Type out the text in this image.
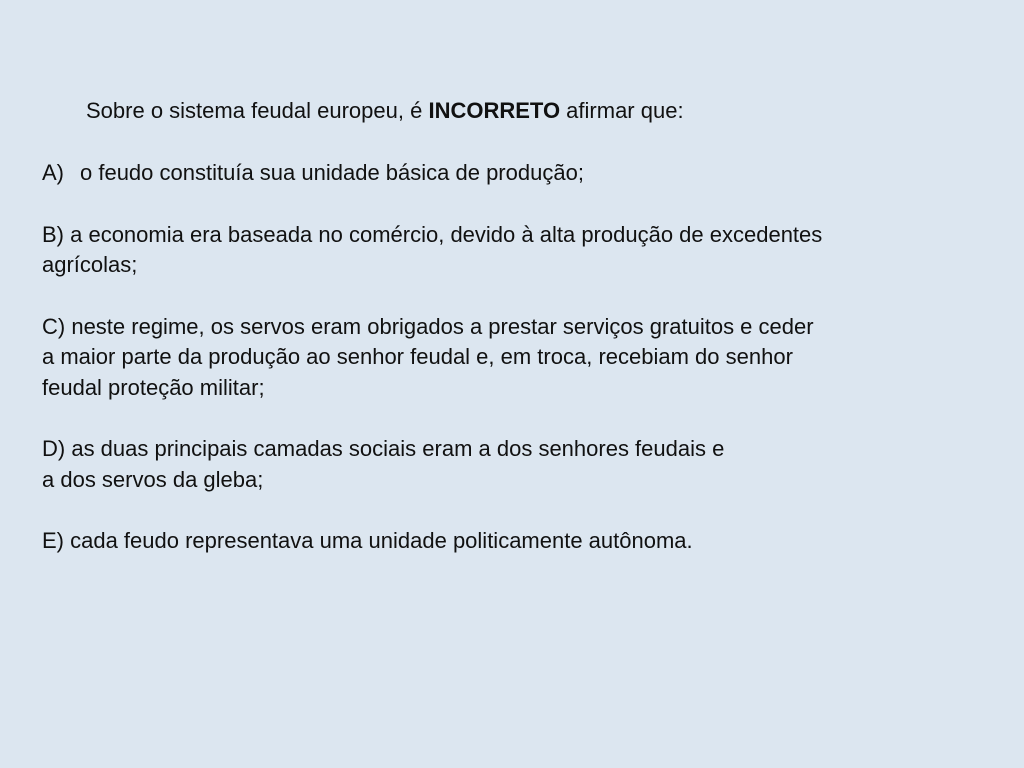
Sobre o sistema feudal europeu, é INCORRETO afirmar que:
A) o feudo constituía sua unidade básica de produção;
B) a economia era baseada no comércio, devido à alta produção de excedentes
agrícolas;
C) neste regime, os servos eram obrigados a prestar serviços gratuitos e ceder
a maior parte da produção ao senhor feudal e, em troca, recebiam do senhor
feudal proteção militar;
D) as duas principais camadas sociais eram a dos senhores feudais e
a dos servos da gleba;
E) cada feudo representava uma unidade politicamente autônoma.
